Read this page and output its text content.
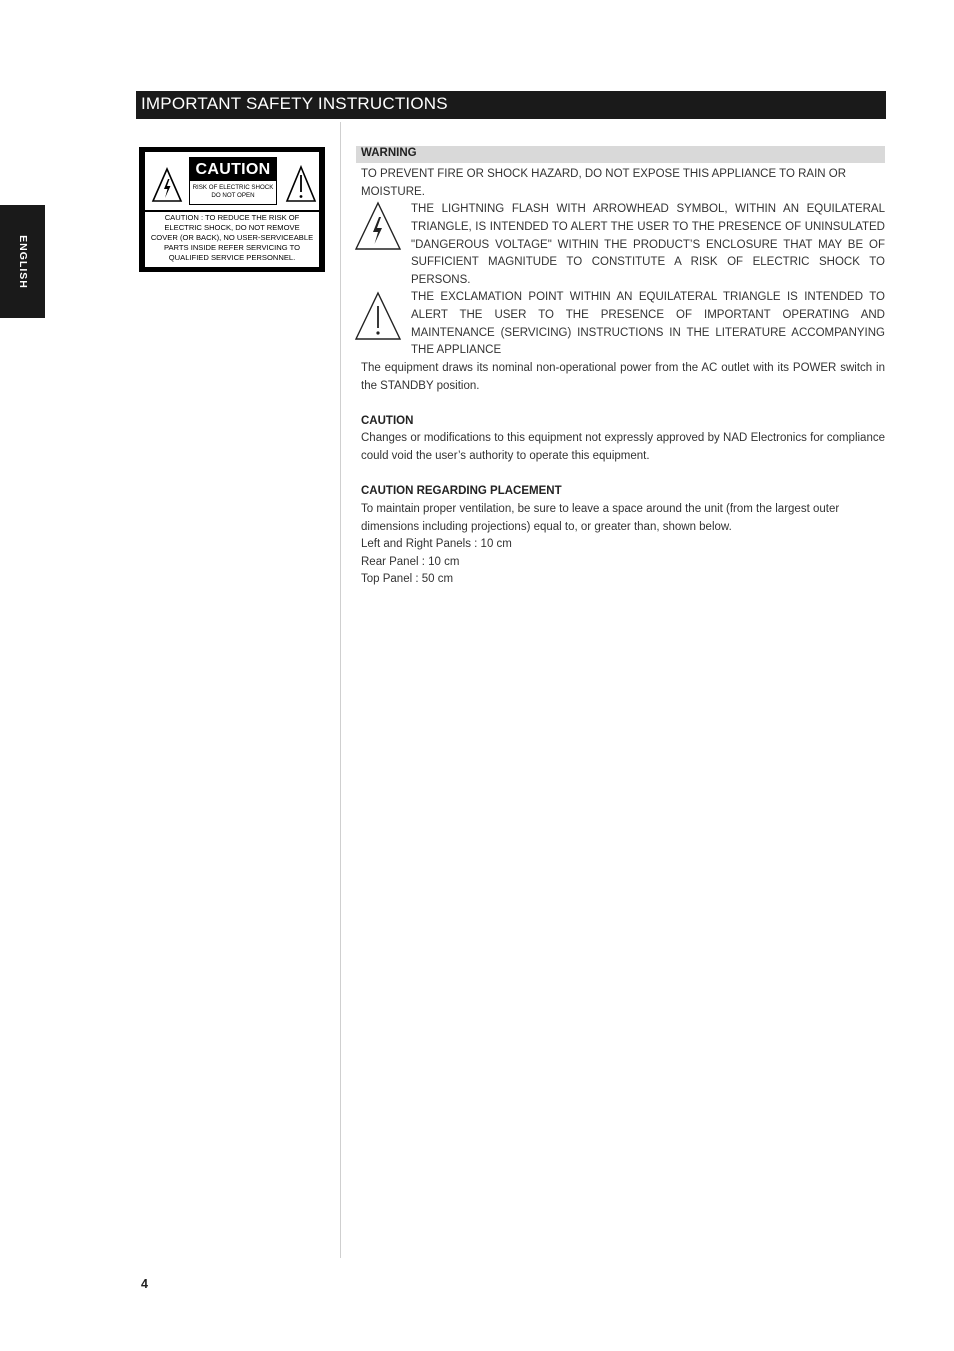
ENGLISH
IMPORTANT SAFETY INSTRUCTIONS
CAUTION
RISK OF ELECTRIC SHOCK
DO NOT OPEN
CAUTION : TO REDUCE THE RISK OF
ELECTRIC SHOCK, DO NOT REMOVE
COVER (OR BACK), NO USER-SERVICEABLE
PARTS INSIDE REFER SERVICING TO
QUALIFIED SERVICE PERSONNEL.
WARNING
TO PREVENT FIRE OR SHOCK HAZARD, DO NOT EXPOSE THIS APPLIANCE TO RAIN OR MOISTURE.
THE LIGHTNING FLASH WITH ARROWHEAD SYMBOL, WITHIN AN EQUILATERAL TRIANGLE, IS INTENDED TO ALERT THE USER TO THE PRESENCE OF UNINSULATED "DANGEROUS VOLTAGE" WITHIN THE PRODUCT’S ENCLOSURE THAT MAY BE OF SUFFICIENT MAGNITUDE TO CONSTITUTE A RISK OF ELECTRIC SHOCK TO PERSONS.
THE EXCLAMATION POINT WITHIN AN EQUILATERAL TRIANGLE IS INTENDED TO ALERT THE USER TO THE PRESENCE OF IMPORTANT OPERATING AND MAINTENANCE (SERVICING) INSTRUCTIONS IN THE LITERATURE ACCOMPANYING THE APPLIANCE
The equipment draws its nominal non-operational power from the AC outlet with its POWER switch in the STANDBY position.
CAUTION
Changes or modifications to this equipment not expressly approved by NAD Electronics for compliance could void the user’s authority to operate this equipment.
CAUTION REGARDING PLACEMENT
To maintain proper ventilation, be sure to leave a space around the unit (from the largest outer dimensions including projections) equal to, or greater than, shown below.
Left and Right Panels : 10 cm
Rear Panel : 10 cm
Top Panel : 50 cm
4
